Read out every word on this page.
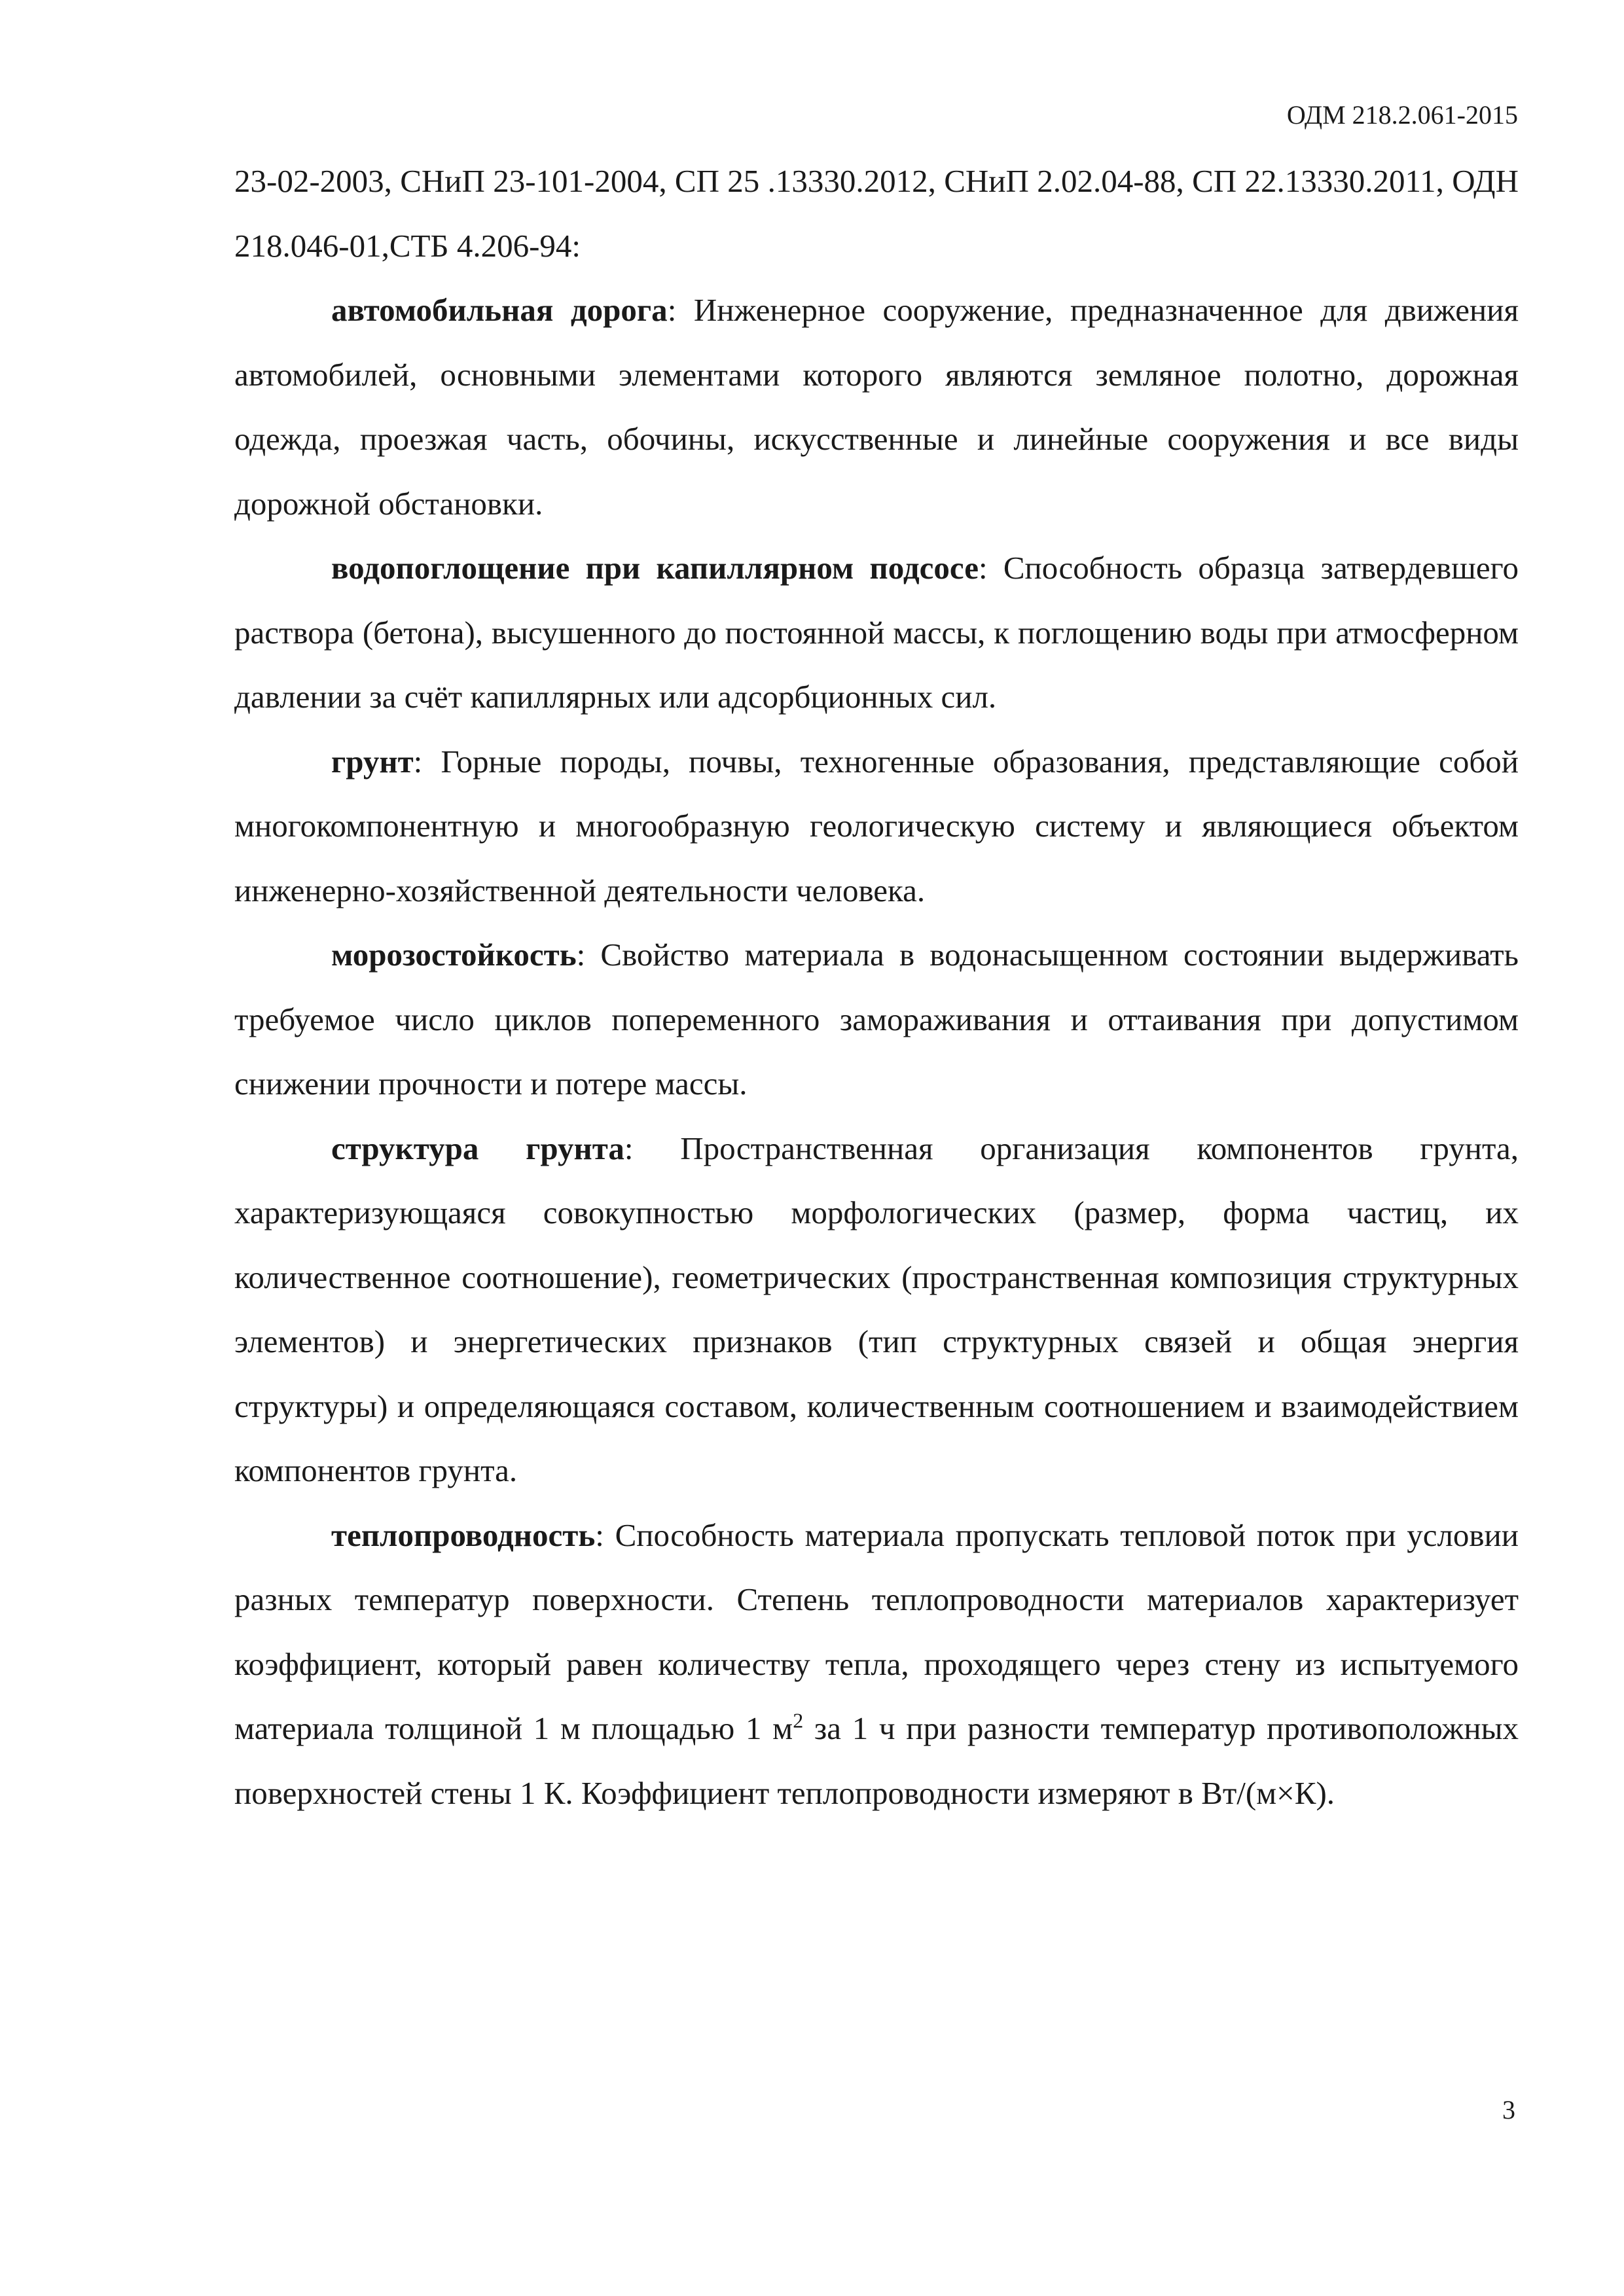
ОДМ 218.2.061-2015

23-02-2003, СНиП 23-101-2004, СП 25 .13330.2012, СНиП 2.02.04-88, СП 22.13330.2011, ОДН 218.046-01,СТБ 4.206-94:

автомобильная дорога: Инженерное сооружение, предназначенное для движения автомобилей, основными элементами которого являются земляное полотно, дорожная одежда, проезжая часть, обочины, искусственные и линейные сооружения и все виды дорожной обстановки.

водопоглощение при капиллярном подсосе: Способность образца затвердевшего раствора (бетона), высушенного до постоянной массы, к поглощению воды при атмосферном давлении за счёт капиллярных или адсорбционных сил.

грунт: Горные породы, почвы, техногенные образования, представляющие собой многокомпонентную и многообразную геологическую систему и являющиеся объектом инженерно-хозяйственной деятельности человека.

морозостойкость: Свойство материала в водонасыщенном состоянии выдерживать требуемое число циклов попеременного замораживания и оттаивания при допустимом снижении прочности и потере массы.

структура грунта: Пространственная организация компонентов грунта, характеризующаяся совокупностью морфологических (размер, форма частиц, их количественное соотношение), геометрических (пространственная композиция структурных элементов) и энергетических признаков (тип структурных связей и общая энергия структуры) и определяющаяся составом, количественным соотношением и взаимодействием компонентов грунта.

теплопроводность: Способность материала пропускать тепловой поток при условии разных температур поверхности. Степень теплопроводности материалов характеризует коэффициент, который равен количеству тепла, проходящего через стену из испытуемого материала толщиной 1 м площадью 1 $м^2$ за 1 ч при разности температур противоположных поверхностей стены 1 К. Коэффициент теплопроводности измеряют в Вт/(м×К).

3
